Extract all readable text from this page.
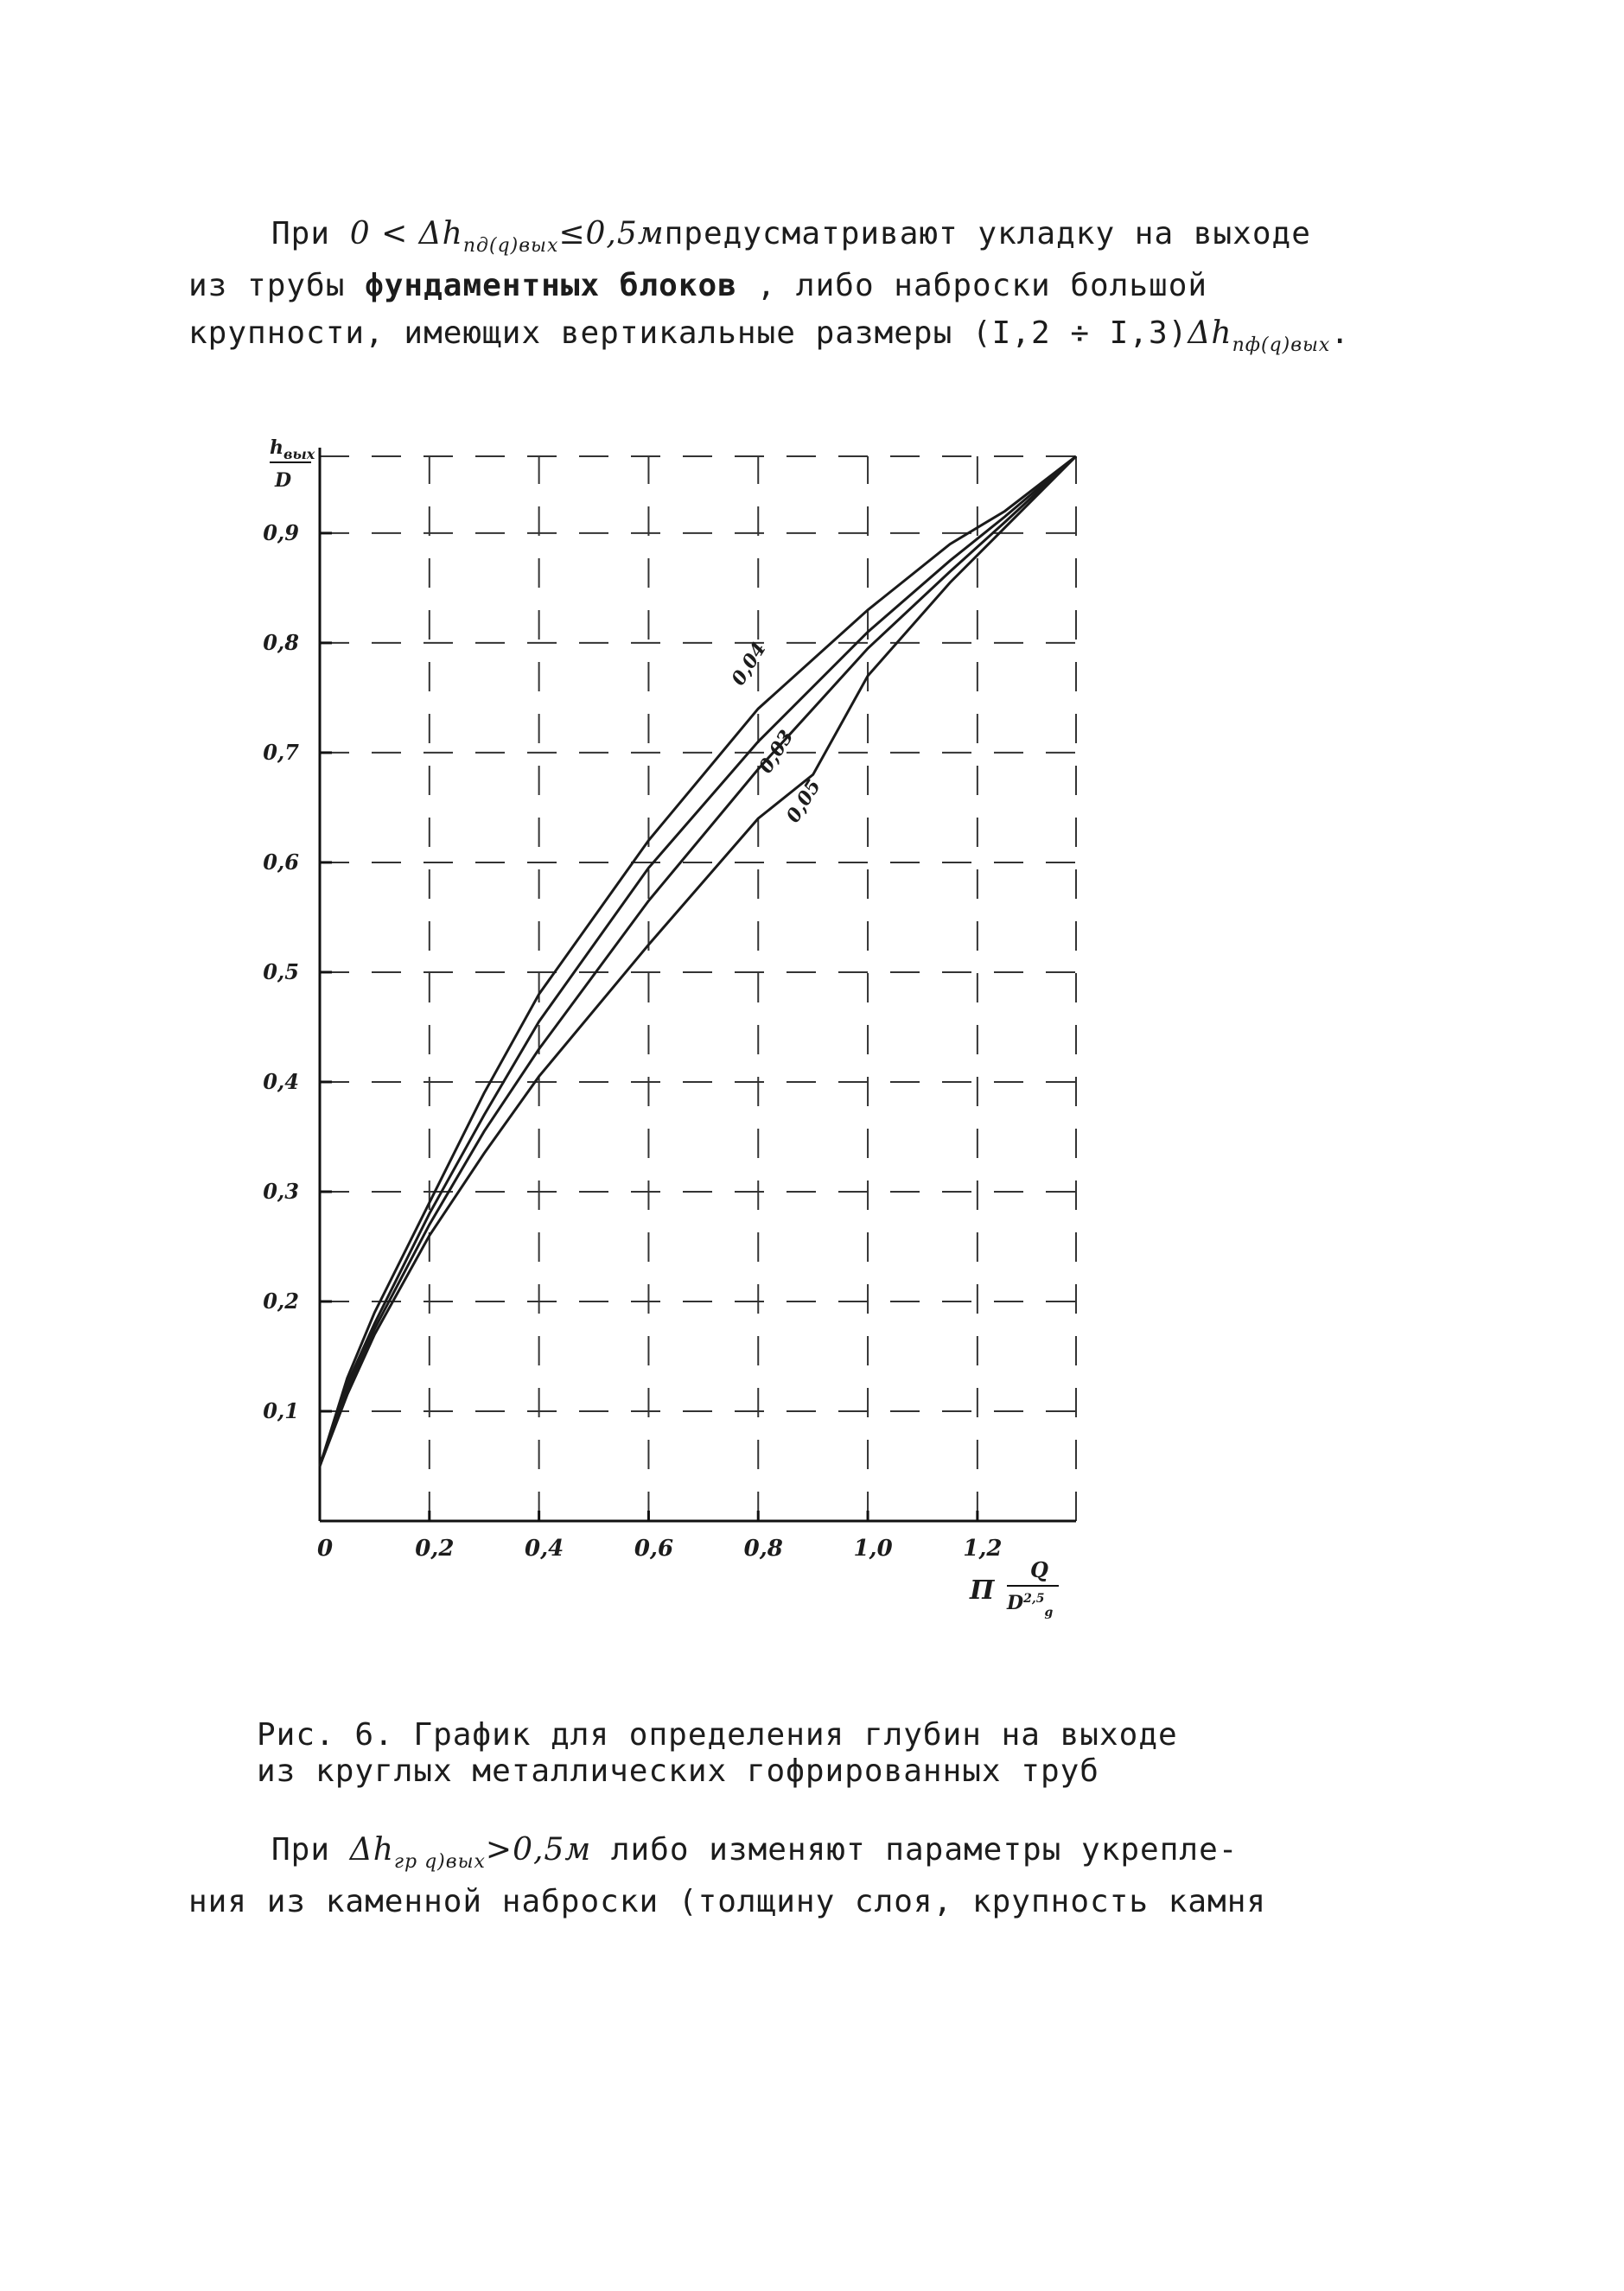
При $0 < \Delta h_{пд(q)вых}\le 0,5мпредусматривают$ укладку на выходе
из трубы фундаментных блоков , либо наброски большой
крупности, имеющих вертикальные размеры $(I,2 \div I,3)\Delta h_{пф(q)вых}$.
0	0,2	0,4	0,6	0,8	1,0	1,2
0,1
0,2
0,3
0,4
0,5
0,6
0,7
0,8
0,9
0,04
0,03
0,05
$h_{вых}$
D
П
Q
D$^{2,5}_g$
Рис. 6. График для определения глубин на выходе
из круглых металлических гофрированных труб
При $\Delta h_{гр q)вых}>0,5м$ либо изменяют параметры укрепле-
ния из каменной наброски (толщину слоя, крупность камня
